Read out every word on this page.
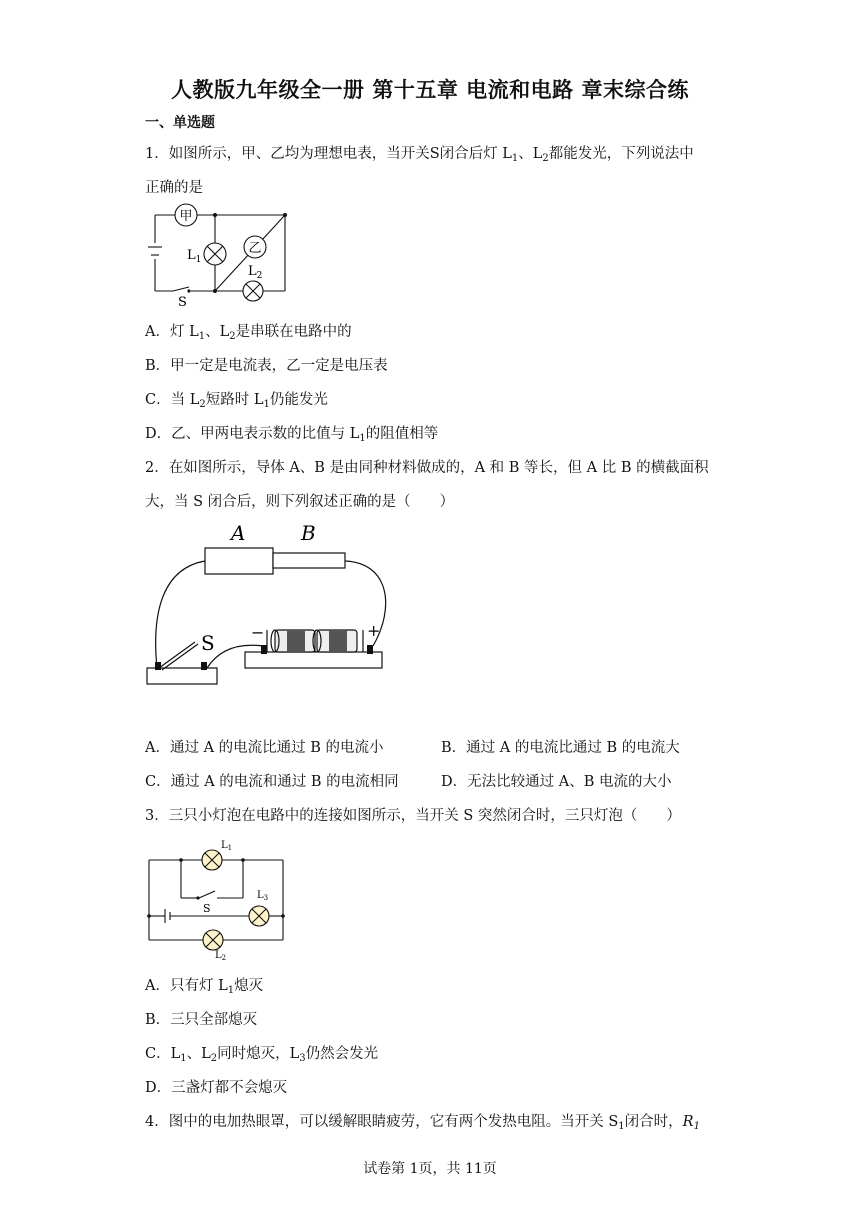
人教版九年级全一册 第十五章 电流和电路 章末综合练
一、单选题
1．如图所示，甲、乙均为理想电表，当开关S闭合后灯 $L_1$、$L_2$都能发光，下列说法中
正确的是
甲
乙
$L_1$
$L_2$
S
A．灯 $L_1$、$L_2$是串联在电路中的
B．甲一定是电流表，乙一定是电压表
C．当 $L_2$短路时 $L_1$仍能发光
D．乙、甲两电表示数的比值与 $L_1$的阻值相等
2．在如图所示，导体 A、B 是由同种材料做成的，A 和 B 等长，但 A 比 B 的横截面积
大，当 S 闭合后，则下列叙述正确的是（　　）
A	B
S −	+
A．通过 A 的电流比通过 B 的电流小	B．通过 A 的电流比通过 B 的电流大
C．通过 A 的电流和通过 B 的电流相同	D．无法比较通过 A、B 电流的大小
3．三只小灯泡在电路中的连接如图所示，当开关 S 突然闭合时，三只灯泡（　　）
$L_1$
$L_3$
$L_2$
S
A．只有灯 $L_1$熄灭
B．三只全部熄灭
C．$L_1$、$L_2$同时熄灭，$L_3$仍然会发光
D．三盏灯都不会熄灭
4．图中的电加热眼罩，可以缓解眼睛疲劳，它有两个发热电阻。当开关 $S_1$闭合时，$R_1$
试卷第 1页，共 11页
